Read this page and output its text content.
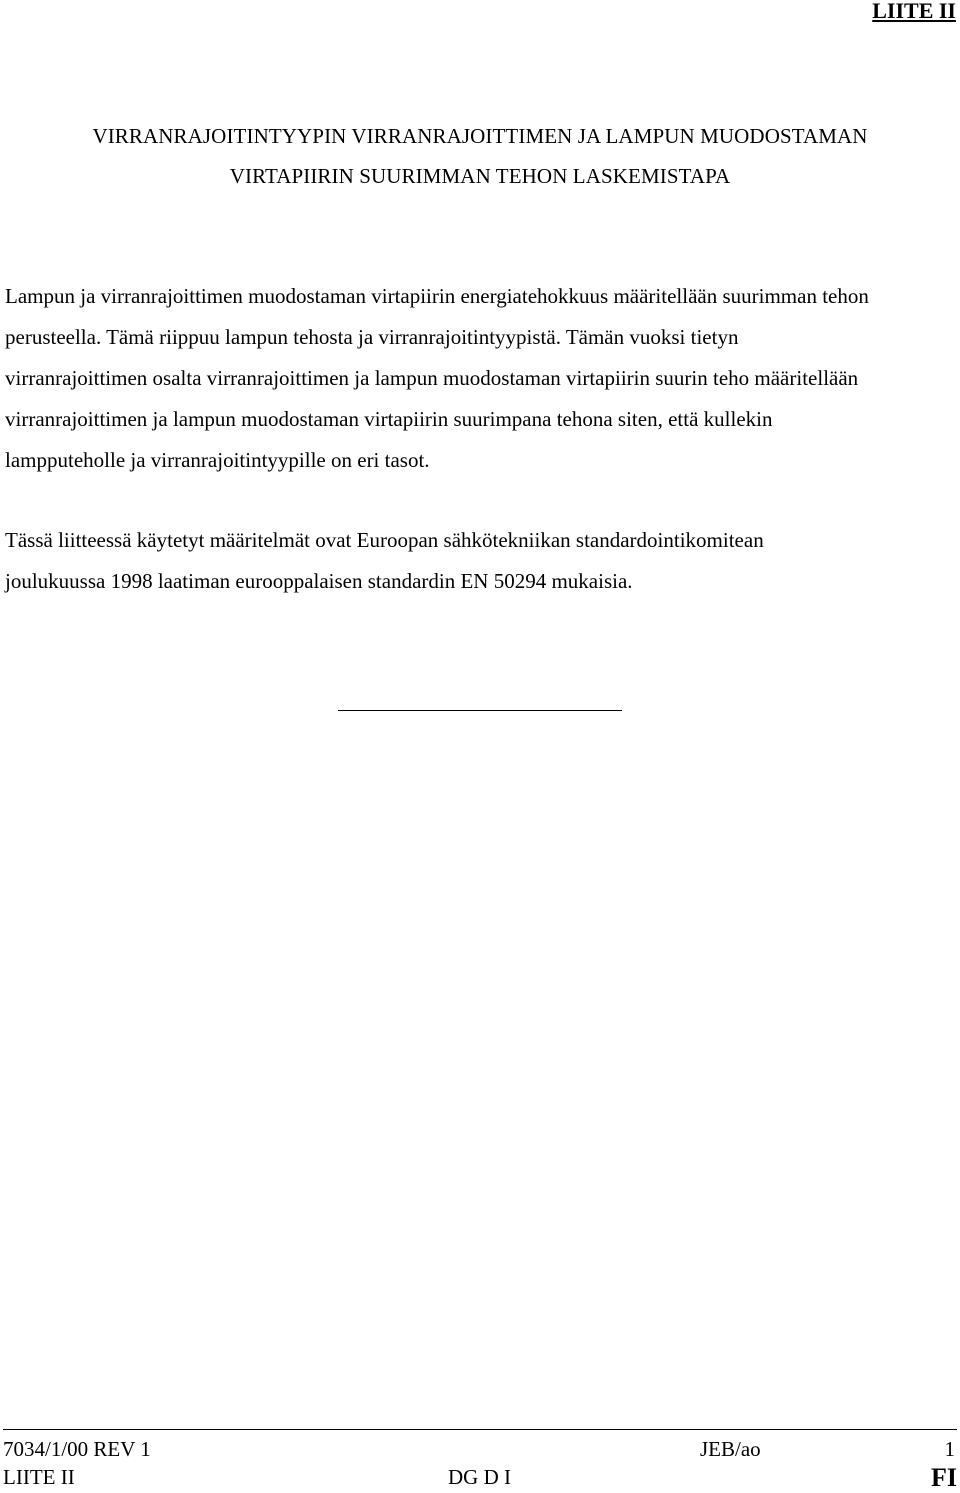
LIITE II
VIRRANRAJOITINTYYPIN VIRRANRAJOITTIMEN JA LAMPUN MUODOSTAMAN
VIRTAPIIRIN SUURIMMAN TEHON LASKEMISTAPA
Lampun ja virranrajoittimen muodostaman virtapiirin energiatehokkuus määritellään suurimman tehon
perusteella. Tämä riippuu lampun tehosta ja virranrajoitintyypistä. Tämän vuoksi tietyn
virranrajoittimen osalta virranrajoittimen ja lampun muodostaman virtapiirin suurin teho määritellään
virranrajoittimen ja lampun muodostaman virtapiirin suurimpana tehona siten, että kullekin
lampputeholle ja virranrajoitintyypille on eri tasot.
Tässä liitteessä käytetyt määritelmät ovat Euroopan sähkötekniikan standardointikomitean
joulukuussa 1998 laatiman eurooppalaisen standardin EN 50294 mukaisia.
7034/1/00 REV 1	JEB/ao	1
LIITE II	DG D I	FI
